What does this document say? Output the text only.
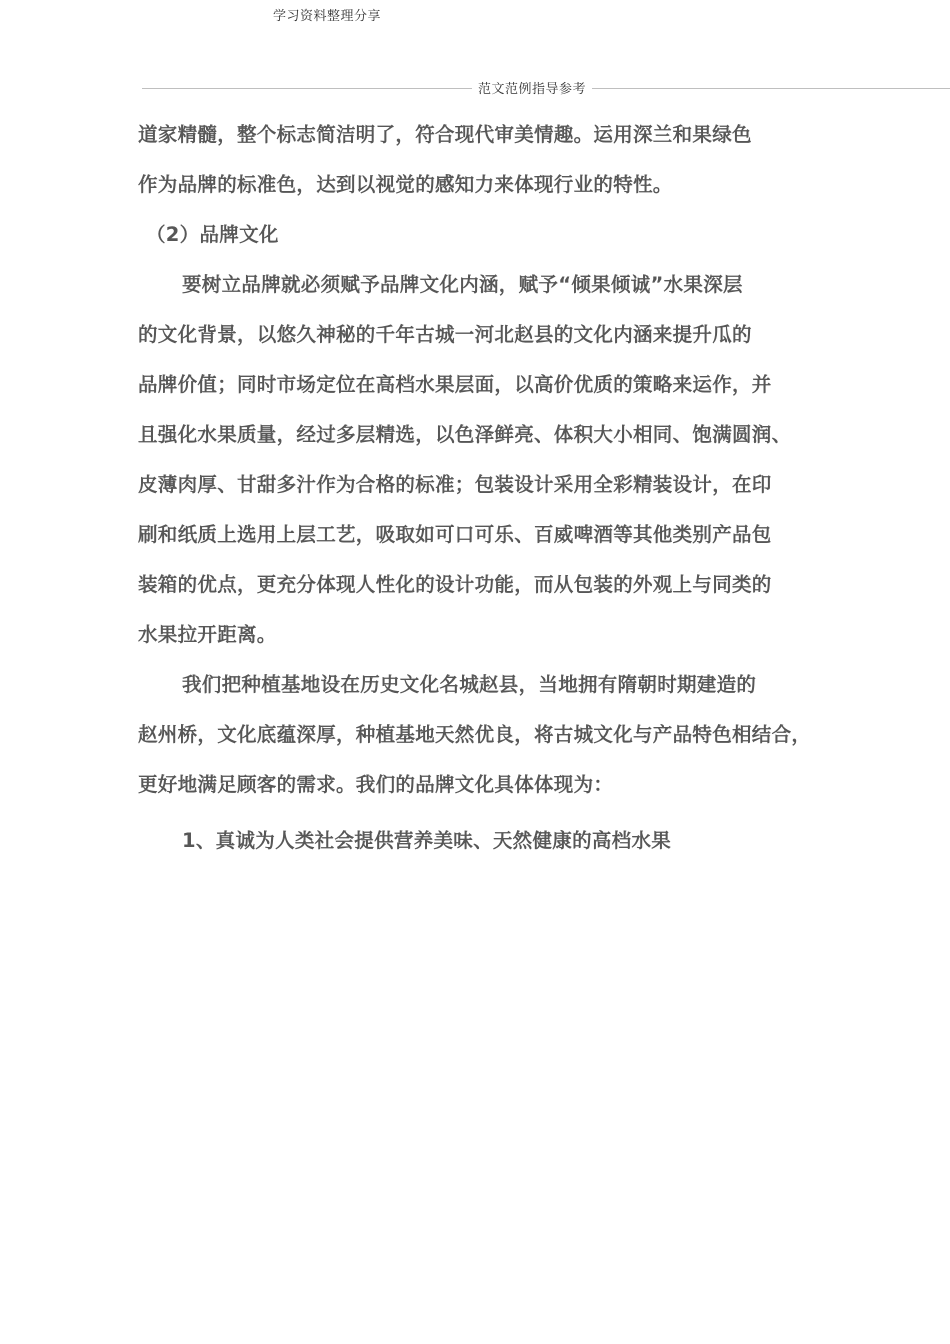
学习资料整理分享
范文范例指导参考
道家精髓，整个标志简洁明了，符合现代审美情趣。运用深兰和果绿色
作为品牌的标准色，达到以视觉的感知力来体现行业的特性。
（2）品牌文化
要树立品牌就必须赋予品牌文化内涵，赋予“倾果倾诚”水果深层
的文化背景，以悠久神秘的千年古城一河北赵县的文化内涵来提升瓜的
品牌价值；同时市场定位在高档水果层面，以高价优质的策略来运作，并
且强化水果质量，经过多层精选，以色泽鲜亮、体积大小相同、饱满圆润、
皮薄肉厚、甘甜多汁作为合格的标准；包装设计采用全彩精装设计，在印
刷和纸质上选用上层工艺，吸取如可口可乐、百威啤酒等其他类别产品包
装箱的优点，更充分体现人性化的设计功能，而从包装的外观上与同类的
水果拉开距离。
我们把种植基地设在历史文化名城赵县，当地拥有隋朝时期建造的
赵州桥，文化底蕴深厚，种植基地天然优良，将古城文化与产品特色相结合，
更好地满足顾客的需求。我们的品牌文化具体体现为：
1、真诚为人类社会提供营养美味、天然健康的高档水果
